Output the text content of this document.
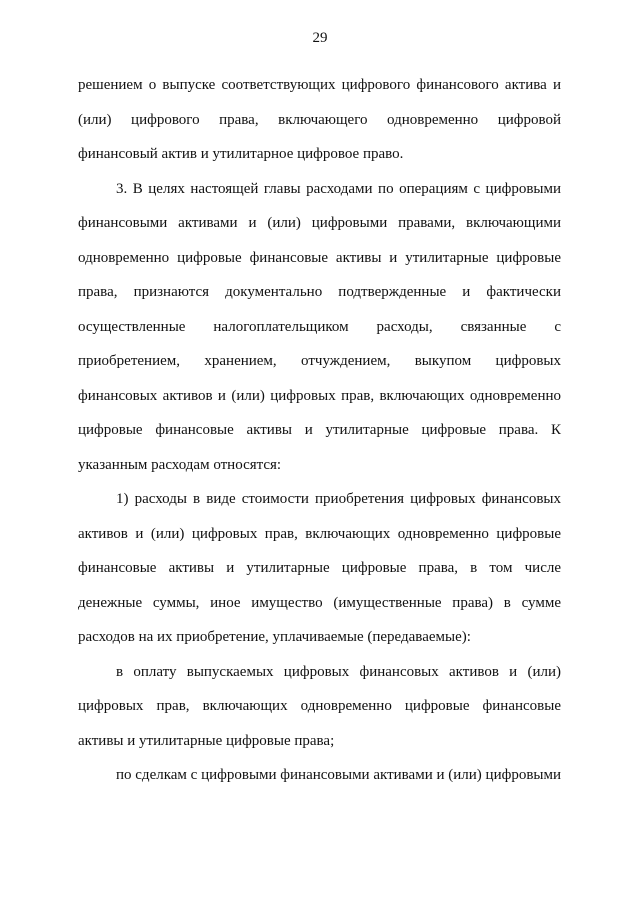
29

решением о выпуске соответствующих цифрового финансового актива и (или) цифрового права, включающего одновременно цифровой финансовый актив и утилитарное цифровое право.

3. В целях настоящей главы расходами по операциям с цифровыми финансовыми активами и (или) цифровыми правами, включающими одновременно цифровые финансовые активы и утилитарные цифровые права, признаются документально подтвержденные и фактически осуществленные налогоплательщиком расходы, связанные с приобретением, хранением, отчуждением, выкупом цифровых финансовых активов и (или) цифровых прав, включающих одновременно цифровые финансовые активы и утилитарные цифровые права. К указанным расходам относятся:

1) расходы в виде стоимости приобретения цифровых финансовых активов и (или) цифровых прав, включающих одновременно цифровые финансовые активы и утилитарные цифровые права, в том числе денежные суммы, иное имущество (имущественные права) в сумме расходов на их приобретение, уплачиваемые (передаваемые):

в оплату выпускаемых цифровых финансовых активов и (или) цифровых прав, включающих одновременно цифровые финансовые активы и утилитарные цифровые права;

по сделкам с цифровыми финансовыми активами и (или) цифровыми
